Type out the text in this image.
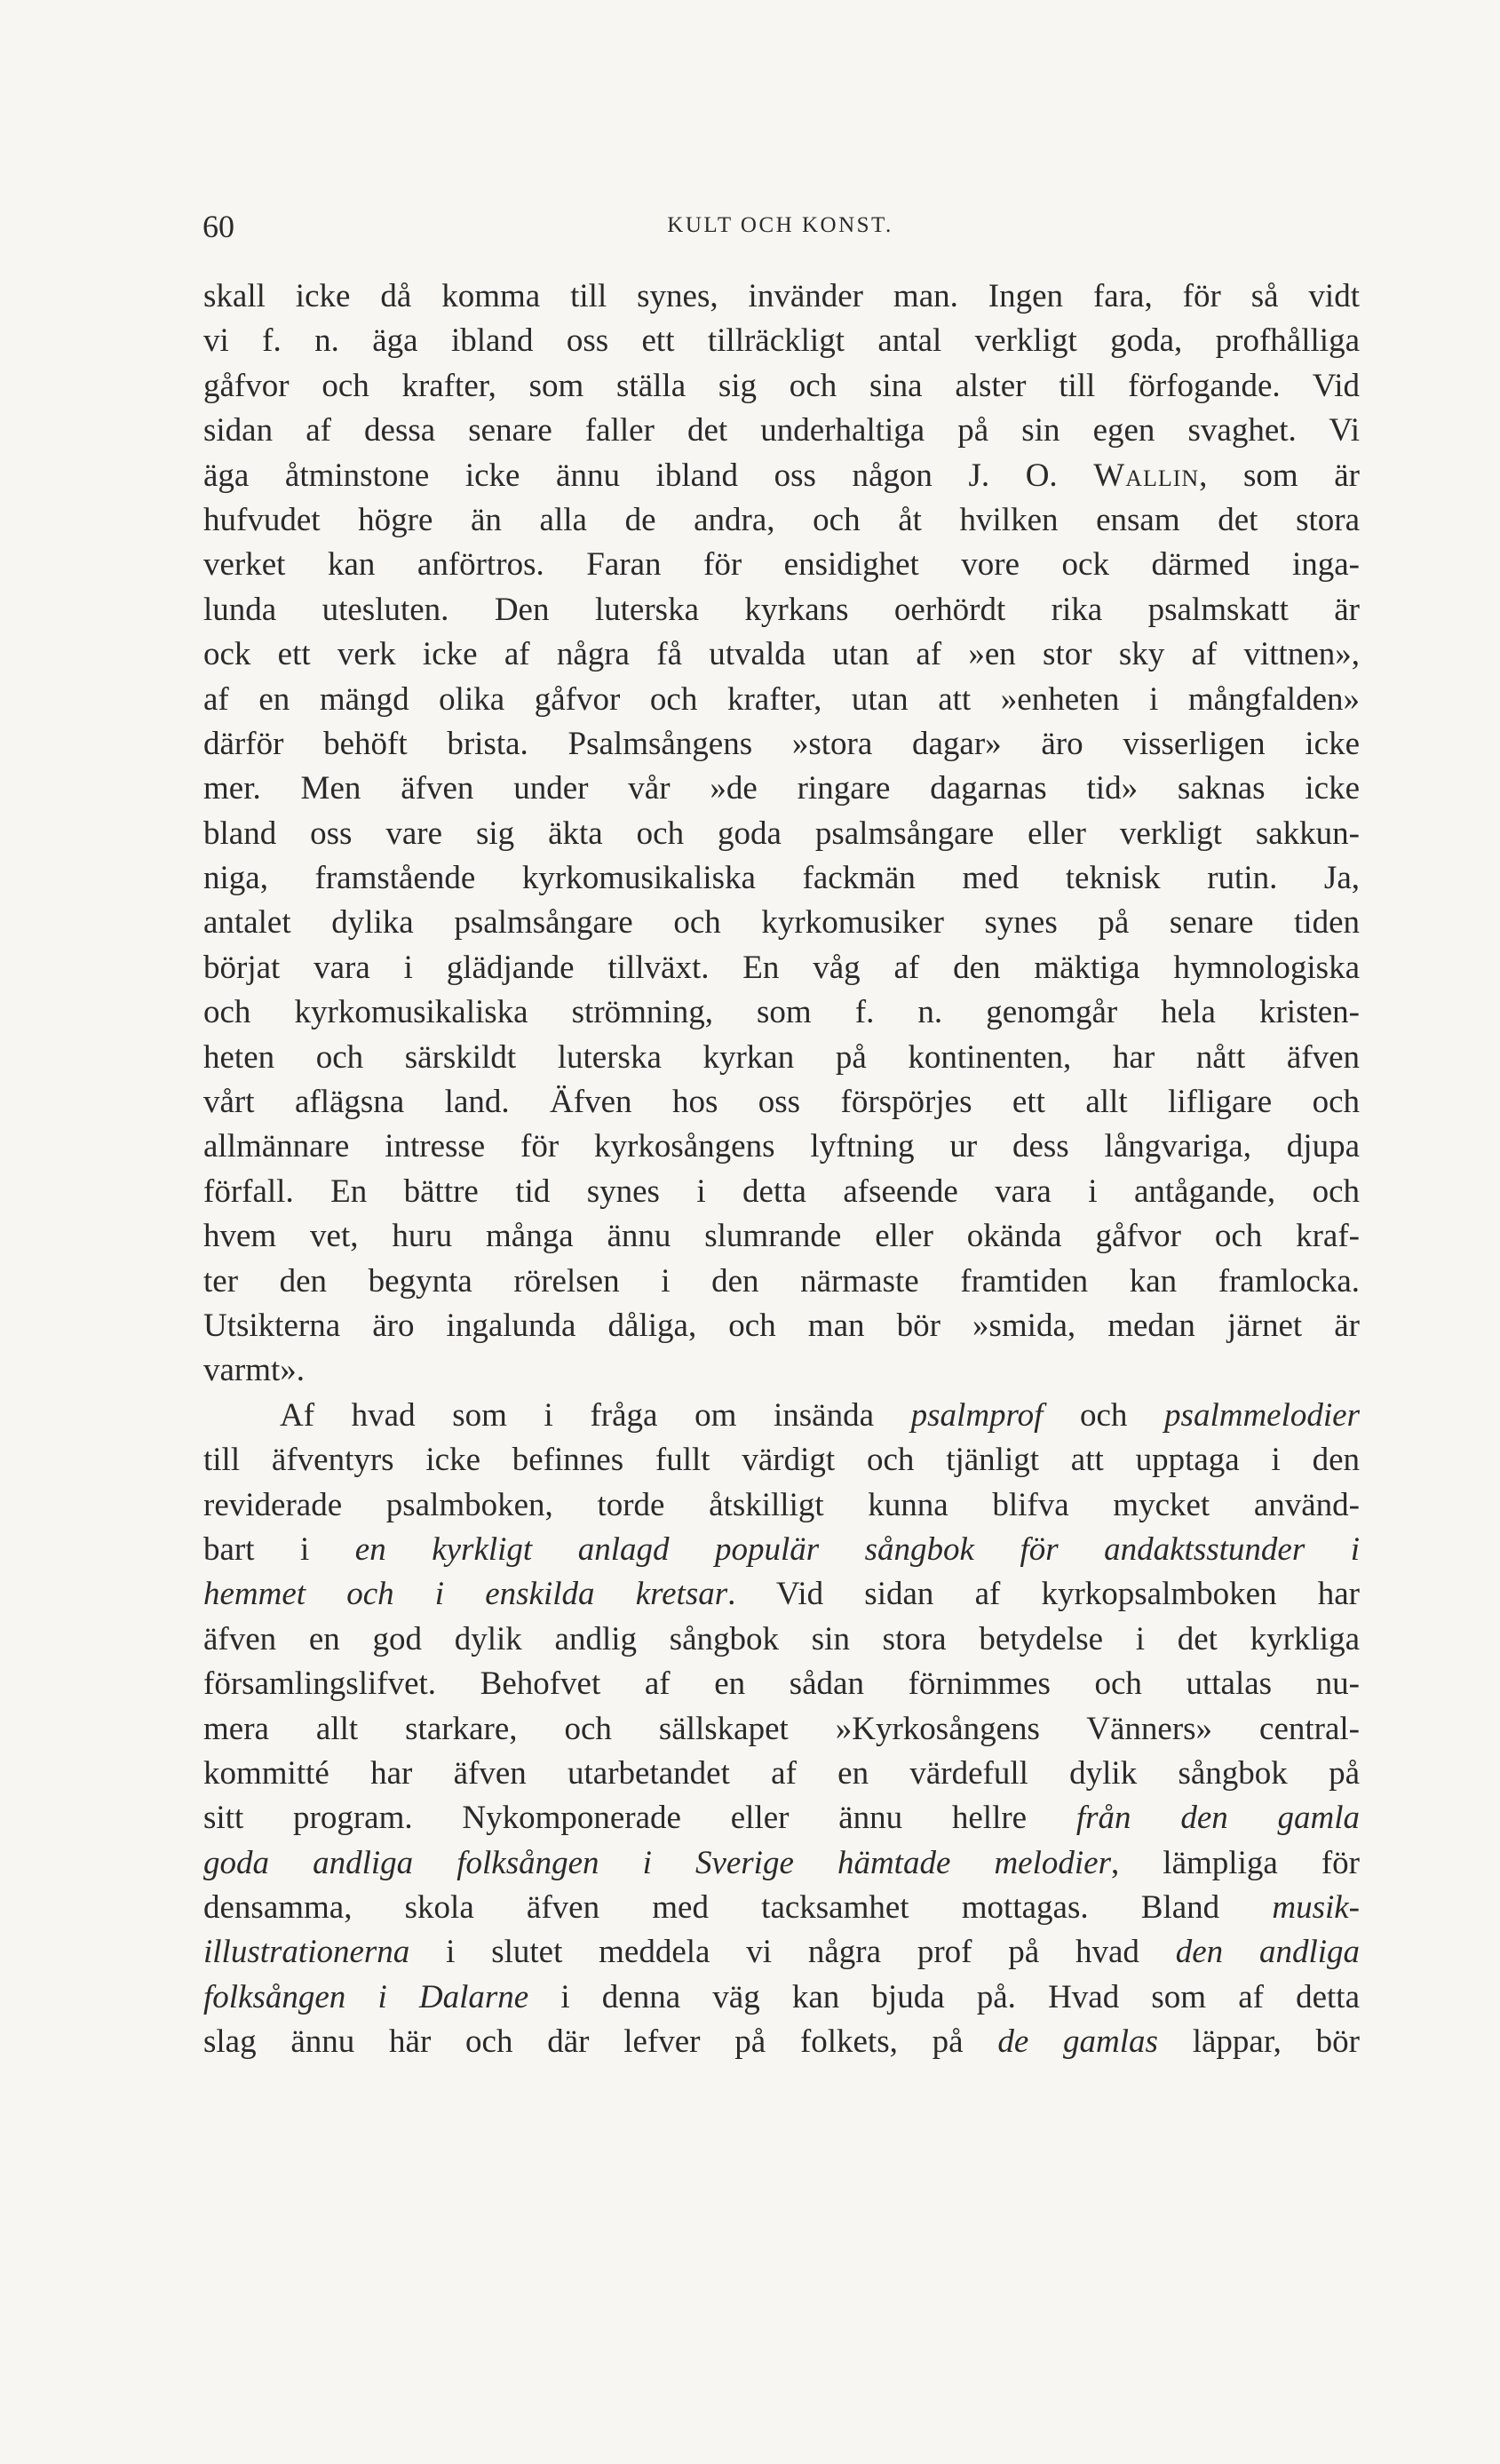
60	KULT OCH KONST.
skall icke då komma till synes, invänder man. Ingen fara, för så vidt
vi f. n. äga ibland oss ett tillräckligt antal verkligt goda, profhålliga
gåfvor och krafter, som ställa sig och sina alster till förfogande. Vid
sidan af dessa senare faller det underhaltiga på sin egen svaghet. Vi
äga åtminstone icke ännu ibland oss någon J. O. Wallin, som är
hufvudet högre än alla de andra, och åt hvilken ensam det stora
verket kan anförtros. Faran för ensidighet vore ock därmed inga-
lunda utesluten. Den luterska kyrkans oerhördt rika psalmskatt är
ock ett verk icke af några få utvalda utan af »en stor sky af vittnen»,
af en mängd olika gåfvor och krafter, utan att »enheten i mångfalden»
därför behöft brista. Psalmsångens »stora dagar» äro visserligen icke
mer. Men äfven under vår »de ringare dagarnas tid» saknas icke
bland oss vare sig äkta och goda psalmsångare eller verkligt sakkun-
niga, framstående kyrkomusikaliska fackmän med teknisk rutin. Ja,
antalet dylika psalmsångare och kyrkomusiker synes på senare tiden
börjat vara i glädjande tillväxt. En våg af den mäktiga hymnologiska
och kyrkomusikaliska strömning, som f. n. genomgår hela kristen-
heten och särskildt luterska kyrkan på kontinenten, har nått äfven
vårt aflägsna land. Äfven hos oss förspörjes ett allt lifligare och
allmännare intresse för kyrkosångens lyftning ur dess långvariga, djupa
förfall. En bättre tid synes i detta afseende vara i antågande, och
hvem vet, huru många ännu slumrande eller okända gåfvor och kraf-
ter den begynta rörelsen i den närmaste framtiden kan framlocka.
Utsikterna äro ingalunda dåliga, och man bör »smida, medan järnet är
varmt».
Af hvad som i fråga om insända psalmprof och psalmmelodier
till äfventyrs icke befinnes fullt värdigt och tjänligt att upptaga i den
reviderade psalmboken, torde åtskilligt kunna blifva mycket använd-
bart i en kyrkligt anlagd populär sångbok för andaktsstunder i
hemmet och i enskilda kretsar. Vid sidan af kyrkopsalmboken har
äfven en god dylik andlig sångbok sin stora betydelse i det kyrkliga
församlingslifvet. Behofvet af en sådan förnimmes och uttalas nu-
mera allt starkare, och sällskapet »Kyrkosångens Vänners» central-
kommitté har äfven utarbetandet af en värdefull dylik sångbok på
sitt program. Nykomponerade eller ännu hellre från den gamla
goda andliga folksången i Sverige hämtade melodier, lämpliga för
densamma, skola äfven med tacksamhet mottagas. Bland musik-
illustrationerna i slutet meddela vi några prof på hvad den andliga
folksången i Dalarne i denna väg kan bjuda på. Hvad som af detta
slag ännu här och där lefver på folkets, på de gamlas läppar, bör
